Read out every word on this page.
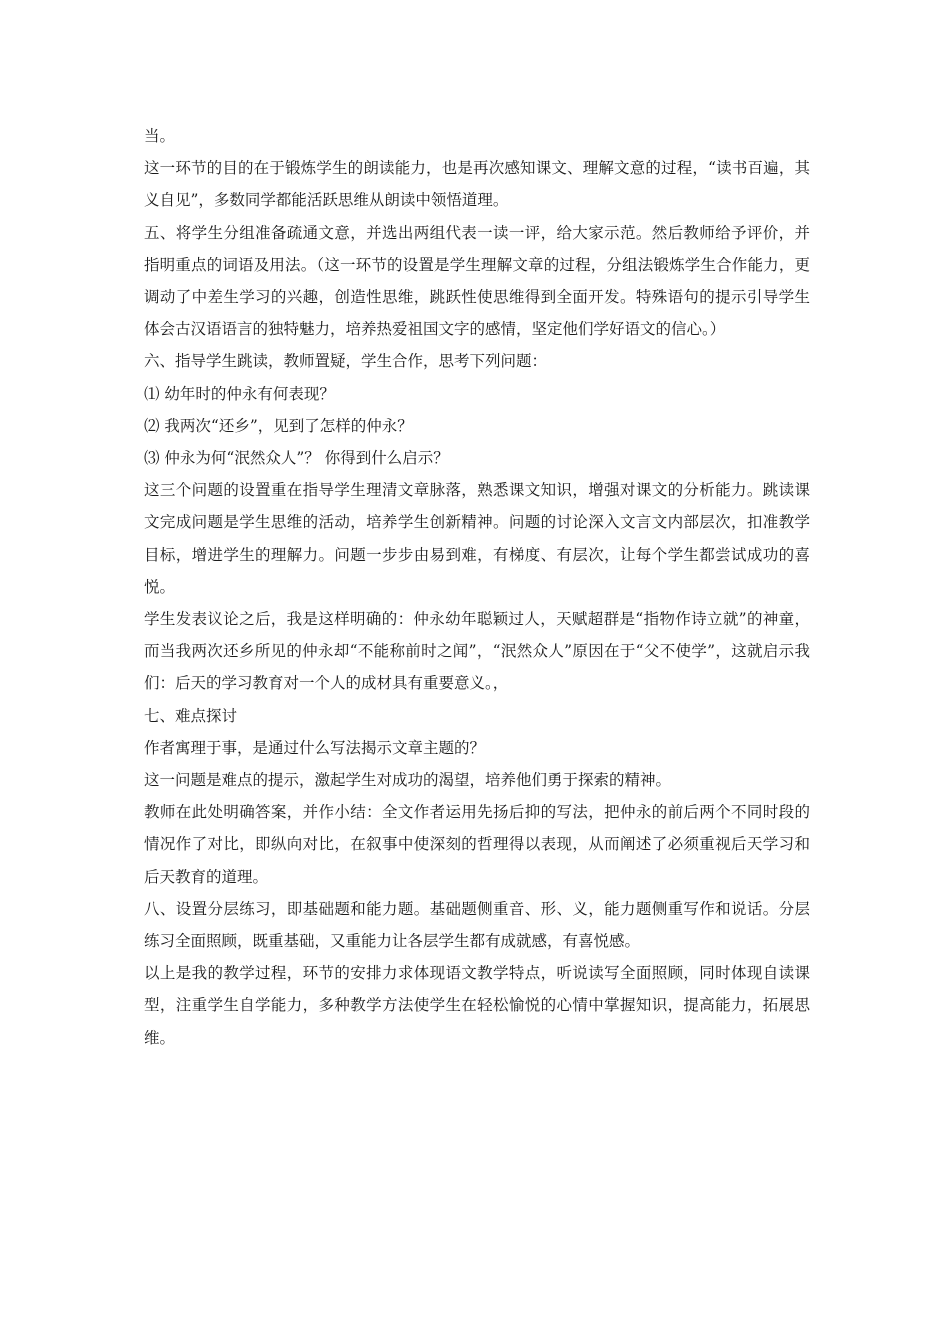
当。

这一环节的目的在于锻炼学生的朗读能力，也是再次感知课文、理解文意的过程，“读书百遍，其义自见”，多数同学都能活跃思维从朗读中领悟道理。

五、将学生分组准备疏通文意，并选出两组代表一读一评，给大家示范。然后教师给予评价，并指明重点的词语及用法。（这一环节的设置是学生理解文章的过程，分组法锻炼学生合作能力，更调动了中差生学习的兴趣，创造性思维，跳跃性使思维得到全面开发。特殊语句的提示引导学生体会古汉语语言的独特魅力，培养热爱祖国文字的感情，坚定他们学好语文的信心。）

六、指导学生跳读，教师置疑，学生合作，思考下列问题：

⑴ 幼年时的仲永有何表现？

⑵ 我两次“还乡”，见到了怎样的仲永？

⑶ 仲永为何“泯然众人”？ 你得到什么启示？

这三个问题的设置重在指导学生理清文章脉落，熟悉课文知识，增强对课文的分析能力。跳读课文完成问题是学生思维的活动，培养学生创新精神。问题的讨论深入文言文内部层次，扣准教学目标，增进学生的理解力。问题一步步由易到难，有梯度、有层次，让每个学生都尝试成功的喜悦。

学生发表议论之后，我是这样明确的：仲永幼年聪颖过人，天赋超群是“指物作诗立就”的神童，而当我两次还乡所见的仲永却“不能称前时之闻”，“泯然众人”原因在于“父不使学”，这就启示我们：后天的学习教育对一个人的成材具有重要意义。，

七、难点探讨

作者寓理于事，是通过什么写法揭示文章主题的？

这一问题是难点的提示，激起学生对成功的渴望，培养他们勇于探索的精神。

教师在此处明确答案，并作小结：全文作者运用先扬后抑的写法，把仲永的前后两个不同时段的情况作了对比，即纵向对比，在叙事中使深刻的哲理得以表现，从而阐述了必须重视后天学习和后天教育的道理。

八、设置分层练习，即基础题和能力题。基础题侧重音、形、义，能力题侧重写作和说话。分层练习全面照顾，既重基础，又重能力让各层学生都有成就感，有喜悦感。

以上是我的教学过程，环节的安排力求体现语文教学特点，听说读写全面照顾，同时体现自读课型，注重学生自学能力，多种教学方法使学生在轻松愉悦的心情中掌握知识，提高能力，拓展思维。
